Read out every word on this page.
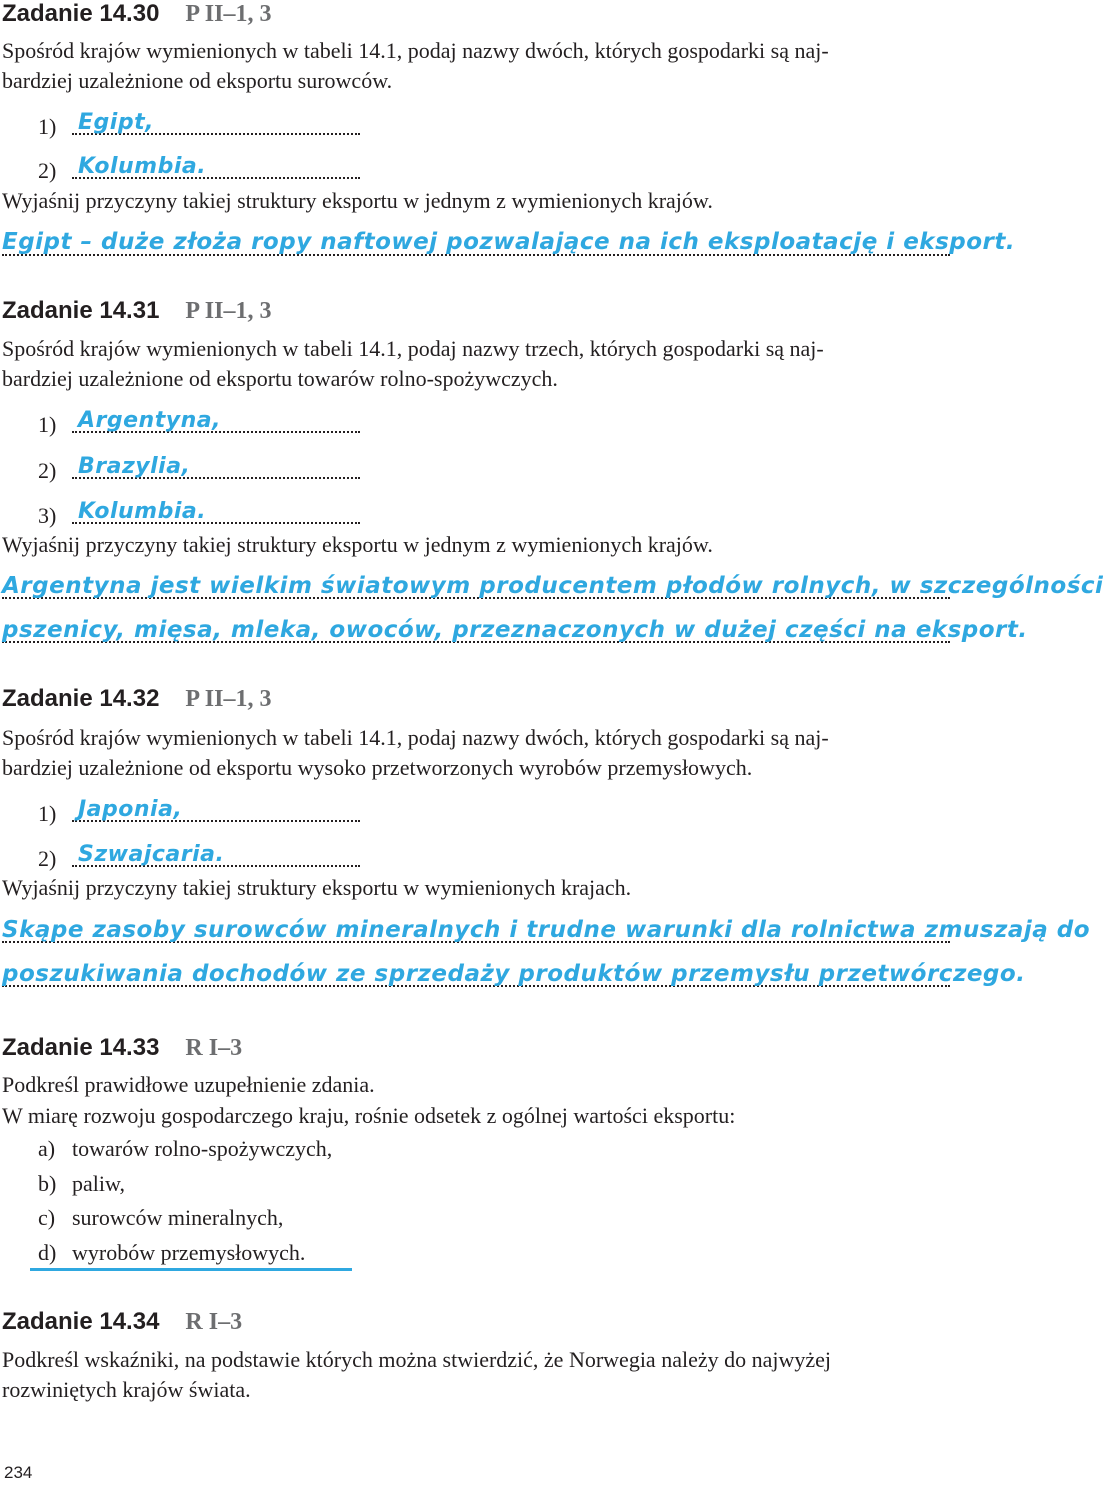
Zadanie 14.30 P II–1, 3

Spośród krajów wymienionych w tabeli 14.1, podaj nazwy dwóch, których gospodarki są naj-

bardziej uzależnione od eksportu surowców.

1) Egipt,
2) Kolumbia.

Wyjaśnij przyczyny takiej struktury eksportu w jednym z wymienionych krajów.

Egipt – duże złoża ropy naftowej pozwalające na ich eksploatację i eksport.
Zadanie 14.31 P II–1, 3

Spośród krajów wymienionych w tabeli 14.1, podaj nazwy trzech, których gospodarki są naj-

bardziej uzależnione od eksportu towarów rolno-spożywczych.

1) Argentyna,
2) Brazylia,
3) Kolumbia.

Wyjaśnij przyczyny takiej struktury eksportu w jednym z wymienionych krajów.

Argentyna jest wielkim światowym producentem płodów rolnych, w szczególności
pszenicy, mięsa, mleka, owoców, przeznaczonych w dużej części na eksport.
Zadanie 14.32 P II–1, 3

Spośród krajów wymienionych w tabeli 14.1, podaj nazwy dwóch, których gospodarki są naj-

bardziej uzależnione od eksportu wysoko przetworzonych wyrobów przemysłowych.

1) Japonia,
2) Szwajcaria.

Wyjaśnij przyczyny takiej struktury eksportu w wymienionych krajach.

Skąpe zasoby surowców mineralnych i trudne warunki dla rolnictwa zmuszają do
poszukiwania dochodów ze sprzedaży produktów przemysłu przetwórczego.
Zadanie 14.33 R I–3

Podkreśl prawidłowe uzupełnienie zdania.

W miarę rozwoju gospodarczego kraju, rośnie odsetek z ogólnej wartości eksportu:

a) towarów rolno-spożywczych,
b) paliw,
c) surowców mineralnych,
d) wyrobów przemysłowych.
Zadanie 14.34 R I–3

Podkreśl wskaźniki, na podstawie których można stwierdzić, że Norwegia należy do najwyżej

rozwiniętych krajów świata.

234
